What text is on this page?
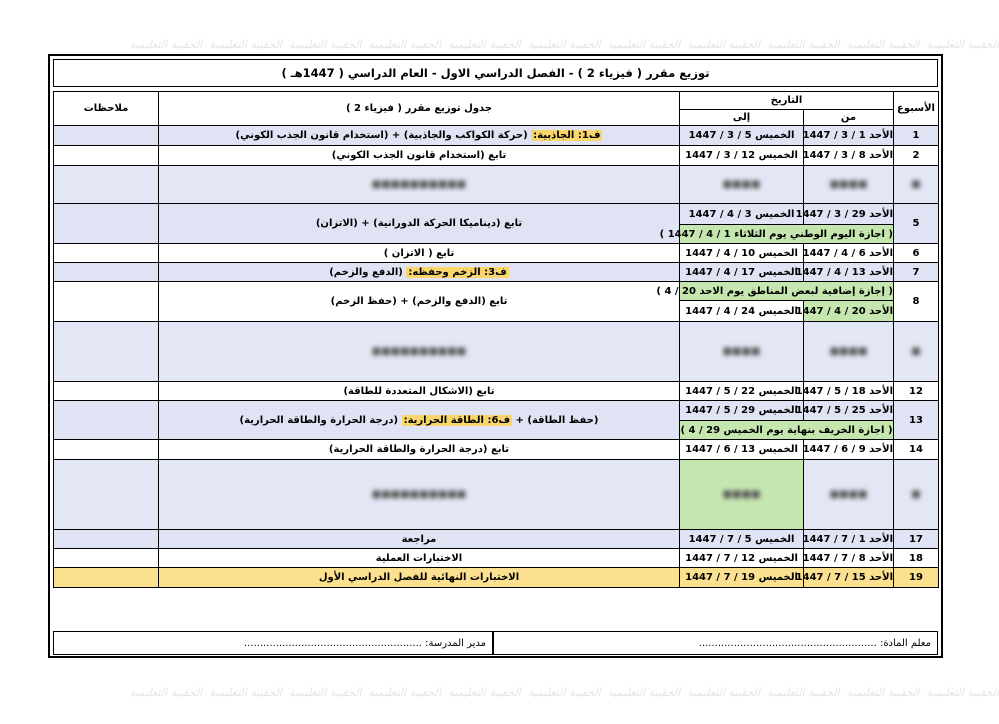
الحقيبة التعليمية  الحقيبة التعليمية  الحقيبة التعليمية  الحقيبة التعليمية  الحقيبة التعليمية  الحقيبة التعليمية  الحقيبة التعليمية  الحقيبة التعليمية  الحقيبة التعليمية  الحقيبة التعليمية  الحقيبة التعليمية
الحقيبة التعليمية  الحقيبة التعليمية  الحقيبة التعليمية  الحقيبة التعليمية  الحقيبة التعليمية  الحقيبة التعليمية  الحقيبة التعليمية  الحقيبة التعليمية  الحقيبة التعليمية  الحقيبة التعليمية  الحقيبة التعليمية
توزيع مقرر ( فيزياء 2 ) - الفصل الدراسي الاول - العام الدراسي ( 1447هـ )
الأسبوع	التاريخ		جدول توزيع مقرر ( فيزياء 2 )	ملاحظات
	من	إلى		
1	الأحد 1 / 3 / 1447	الخميس 5 / 3 / 1447	ف1: الجاذبية: (حركة الكواكب والجاذبية) + (استخدام قانون الجذب الكوني)	
2	الأحد 8 / 3 / 1447	الخميس 12 / 3 / 1447	تابع (استخدام قانون الجذب الكوني)	

■	■■■■	■■■■	■■■■■■■■■■	

5	الأحد 29 / 3 / 1447	الخميس 3 / 4 / 1447	تابع (ديناميكا الحركة الدورانية) + (الاتزان)	
	( اجازة اليوم الوطني يوم الثلاثاء 1 / 4 / 1447 )			
6	الأحد 6 / 4 / 1447	الخميس 10 / 4 / 1447	تابع ( الاتزان )	
7	الأحد 13 / 4 / 1447	الخميس 17 / 4 / 1447	ف3: الزخم وحفظه: (الدفع والزخم)	
8	( إجازة إضافية لبعض المناطق يوم الاحد 20 / 4 )		تابع (الدفع والزخم) + (حفظ الزخم)	
	الأحد 20 / 4 / 1447	الخميس 24 / 4 / 1447		

■	■■■■	■■■■	■■■■■■■■■■	

12	الأحد 18 / 5 / 1447	الخميس 22 / 5 / 1447	تابع (الاشكال المتعددة للطاقة)	
13	الأحد 25 / 5 / 1447	الخميس 29 / 5 / 1447	(حفظ الطاقة) + ف6: الطاقة الحرارية: (درجة الحرارة والطاقة الحرارية)	
	( اجازة الخريف بنهاية يوم الخميس 29 / 4 )			
14	الأحد 9 / 6 / 1447	الخميس 13 / 6 / 1447	تابع (درجة الحرارة والطاقة الحرارية)	

■	■■■■	■■■■	■■■■■■■■■■	

17	الأحد 1 / 7 / 1447	الخميس 5 / 7 / 1447	مراجعة	
18	الأحد 8 / 7 / 1447	الخميس 12 / 7 / 1447	الاختبارات العملية	
19	الأحد 15 / 7 / 1447	الخميس 19 / 7 / 1447	الاختبارات النهائية للفصل الدراسي الأول	
معلم المادة: ........................................................
مدير المدرسة: ........................................................
